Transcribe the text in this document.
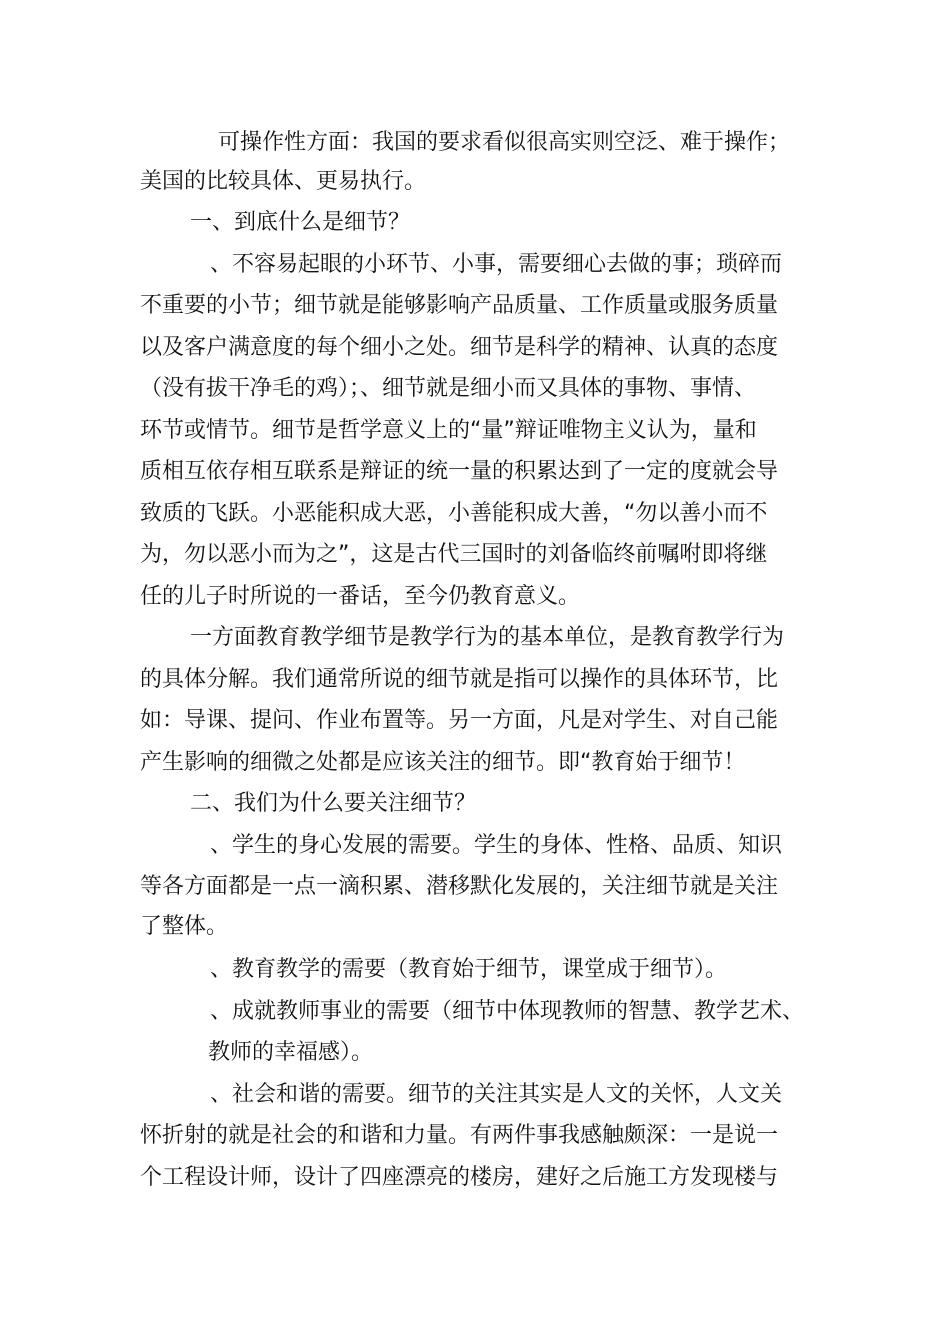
可操作性方面：我国的要求看似很高实则空泛、难于操作；

美国的比较具体、更易执行。

一、到底什么是细节？

、不容易起眼的小环节、小事，需要细心去做的事；琐碎而

不重要的小节；细节就是能够影响产品质量、工作质量或服务质量

以及客户满意度的每个细小之处。细节是科学的精神、认真的态度

（没有拔干净毛的鸡）；、细节就是细小而又具体的事物、事情、

环节或情节。细节是哲学意义上的“量”辩证唯物主义认为，量和

质相互依存相互联系是辩证的统一量的积累达到了一定的度就会导

致质的飞跃。小恶能积成大恶，小善能积成大善，“勿以善小而不

为，勿以恶小而为之”，这是古代三国时的刘备临终前嘱咐即将继

任的儿子时所说的一番话，至今仍教育意义。

一方面教育教学细节是教学行为的基本单位，是教育教学行为

的具体分解。我们通常所说的细节就是指可以操作的具体环节，比

如：导课、提问、作业布置等。另一方面，凡是对学生、对自己能

产生影响的细微之处都是应该关注的细节。即“教育始于细节！

二、我们为什么要关注细节？

、学生的身心发展的需要。学生的身体、性格、品质、知识

等各方面都是一点一滴积累、潜移默化发展的，关注细节就是关注

了整体。

、教育教学的需要（教育始于细节，课堂成于细节）。

、成就教师事业的需要（细节中体现教师的智慧、教学艺术、

教师的幸福感）。

、社会和谐的需要。细节的关注其实是人文的关怀，人文关

怀折射的就是社会的和谐和力量。有两件事我感触颇深：一是说一

个工程设计师，设计了四座漂亮的楼房，建好之后施工方发现楼与
